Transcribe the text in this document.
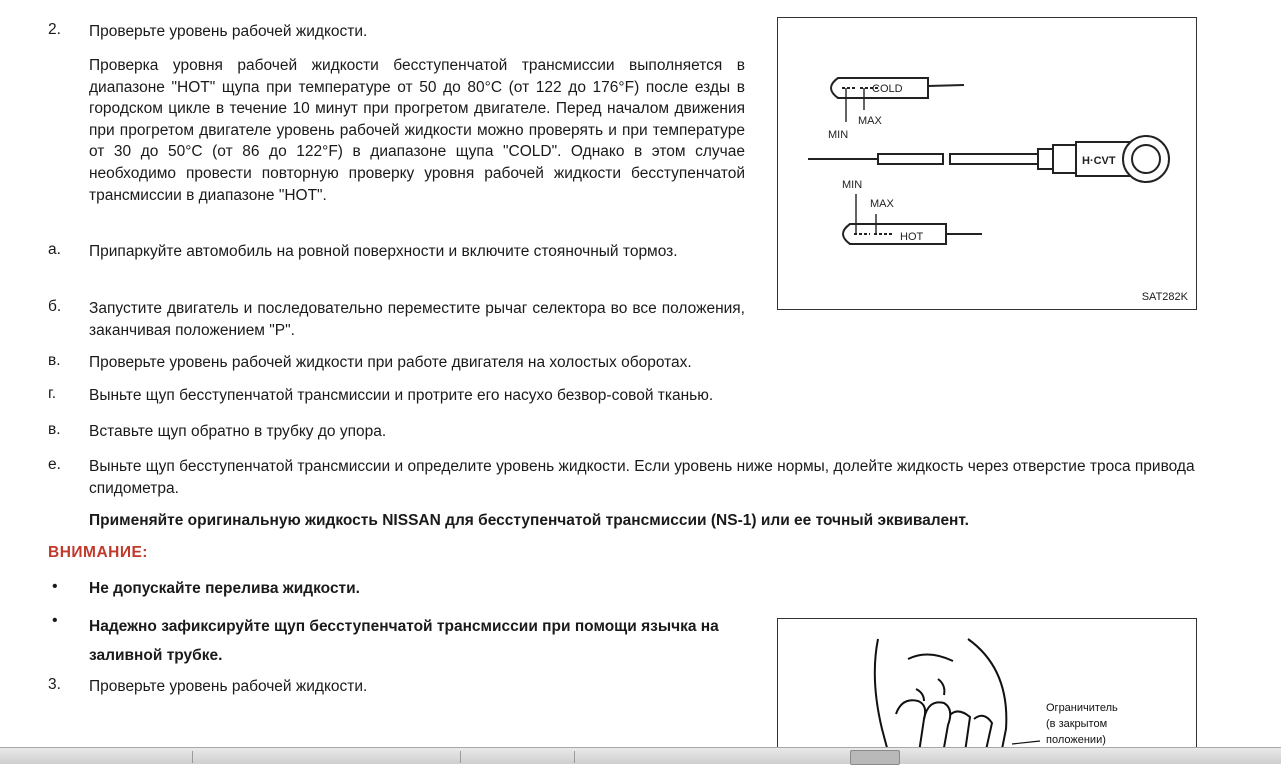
2.	Проверьте уровень рабочей жидкости.
Проверка уровня рабочей жидкости бесступенчатой трансмиссии выполняется в диапазоне "HOT" щупа при температуре от 50 до 80°С (от 122 до 176°F) после езды в городском цикле в течение 10 минут при прогретом двигателе. Перед началом движения при прогретом двигателе уровень рабочей жидкости можно проверять и при температуре от 30 до 50°С (от 86 до 122°F) в диапазоне щупа "COLD". Однако в этом случае необходимо провести повторную проверку уровня рабочей жидкости бесступенчатой трансмиссии в диапазоне "HOT".
а.	Припаркуйте автомобиль на ровной поверхности и включите стояночный тормоз.
б.	Запустите двигатель и последовательно переместите рычаг селектора во все положения, заканчивая положением "Р".
в.	Проверьте уровень рабочей жидкости при работе двигателя на холостых оборотах.
г.	Выньте щуп бесступенчатой трансмиссии и протрите его насухо безвор-совой тканью.
в.	Вставьте щуп обратно в трубку до упора.
е.	Выньте щуп бесступенчатой трансмиссии и определите уровень жидкости. Если уровень ниже нормы, долейте жидкость через отверстие троса привода спидометра.
Применяйте оригинальную жидкость NISSAN для бесступенчатой трансмиссии (NS-1) или ее точный эквивалент.
ВНИМАНИЕ:
• Не допускайте перелива жидкости.
• Надежно зафиксируйте щуп бесступенчатой трансмиссии при помощи язычка на заливной трубке.
3.	Проверьте уровень рабочей жидкости.
COLD
MIN
MAX
H·CVT
MIN
MAX
HOT
SAT282K
Ограничитель
(в закрытом
положении)
